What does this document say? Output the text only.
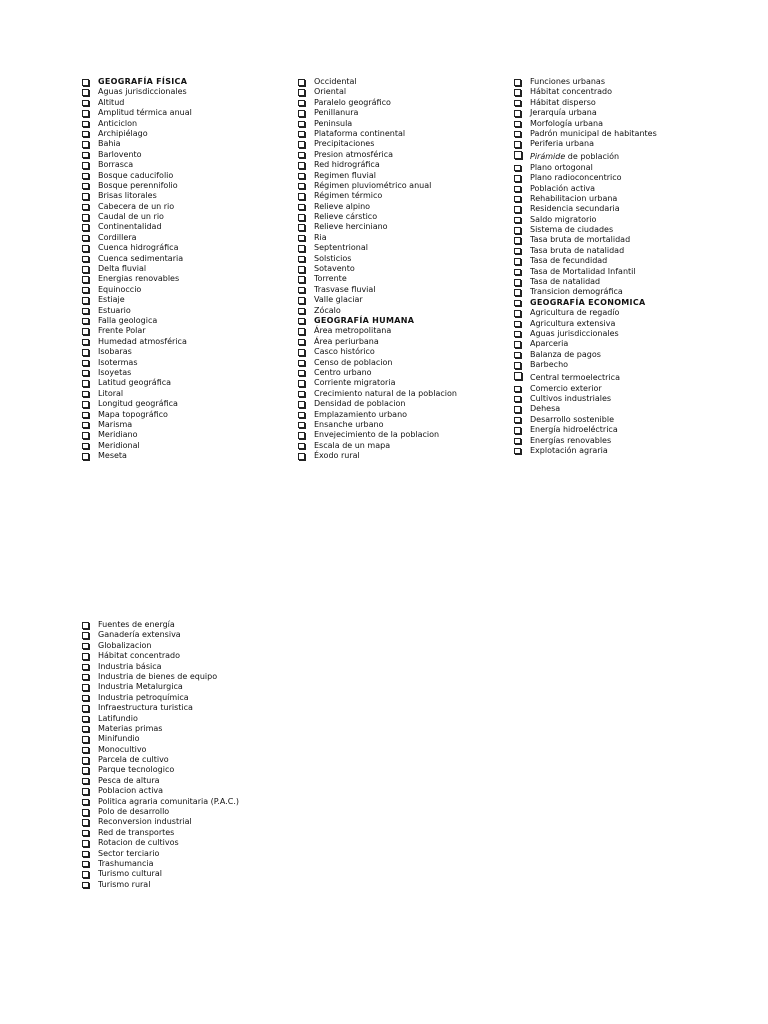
GEOGRAFÍA FÍSICA
Aguas jurisdiccionales
Altitud
Amplitud térmica anual
Anticiclon
Archipiélago
Bahia
Barlovento
Borrasca
Bosque caducifolio
Bosque perennifolio
Brisas litorales
Cabecera de un rio
Caudal de un rio
Continentalidad
Cordillera
Cuenca hidrográfica
Cuenca sedimentaria
Delta fluvial
Energias renovables
Equinoccio
Estiaje
Estuario
Falla geologica
Frente Polar
Humedad atmosférica
Isobaras
Isotermas
Isoyetas
Latitud geográfica
Litoral
Longitud geográfica
Mapa topográfico
Marisma
Meridiano
Meridional
Meseta
Occidental
Oriental
Paralelo geográfico
Penillanura
Peninsula
Plataforma continental
Precipitaciones
Presion atmosférica
Red hidrográfica
Regimen fluvial
Régimen pluviométrico anual
Régimen térmico
Relieve alpino
Relieve cárstico
Relieve herciniano
Ria
Septentrional
Solsticios
Sotavento
Torrente
Trasvase fluvial
Valle glaciar
Zócalo
GEOGRAFÍA HUMANA
Área metropolitana
Área periurbana
Casco histórico
Censo de poblacion
Centro urbano
Corriente migratoria
Crecimiento natural de la poblacion
Densidad de poblacion
Emplazamiento urbano
Ensanche urbano
Envejecimiento de la poblacion
Escala de un mapa
Éxodo rural
Funciones urbanas
Hábitat concentrado
Hábitat disperso
Jerarquía urbana
Morfología urbana
Padrón municipal de habitantes
Periferia urbana
Pirámide de población
Plano ortogonal
Plano radioconcentrico
Población activa
Rehabilitacion urbana
Residencia secundaria
Saldo migratorio
Sistema de ciudades
Tasa bruta de mortalidad
Tasa bruta de natalidad
Tasa de fecundidad
Tasa de Mortalidad Infantil
Tasa de natalidad
Transicion demográfica
GEOGRAFÍA ECONOMICA
Agricultura de regadío
Agricultura extensiva
Aguas jurisdiccionales
Aparceria
Balanza de pagos
Barbecho
Central termoelectrica
Comercio exterior
Cultivos industriales
Dehesa
Desarrollo sostenible
Energía hidroeléctrica
Energías renovables
Explotación agraria
Fuentes de energía
Ganadería extensiva
Globalizacion
Hábitat concentrado
Industria básica
Industria de bienes de equipo
Industria Metalurgica
Industria petroquímica
Infraestructura turistica
Latifundio
Materias primas
Minifundio
Monocultivo
Parcela de cultivo
Parque tecnologico
Pesca de altura
Poblacion activa
Politica agraria comunitaria (P.A.C.)
Polo de desarrollo
Reconversion industrial
Red de transportes
Rotacion de cultivos
Sector terciario
Trashumancia
Turismo cultural
Turismo rural
